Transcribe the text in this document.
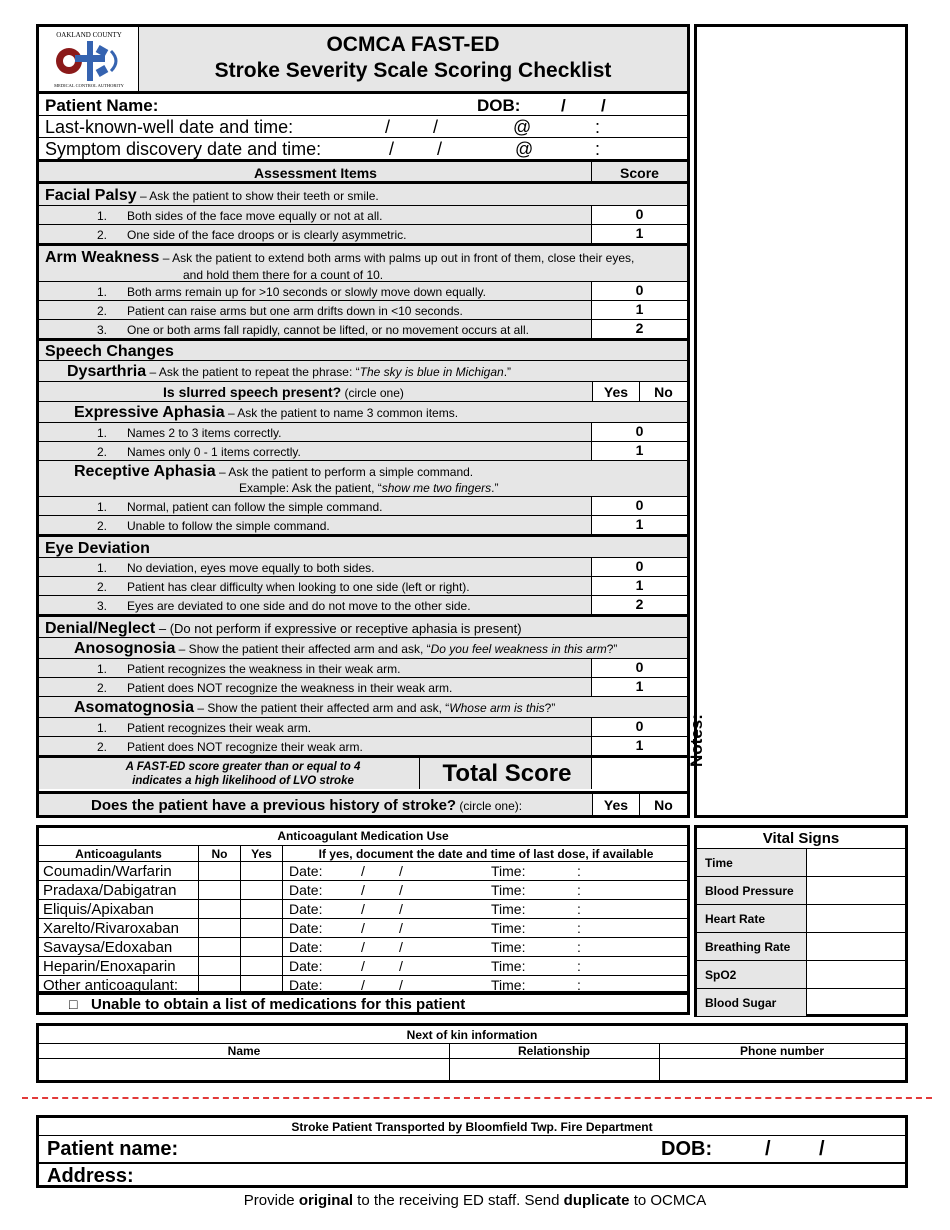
OAKLAND COUNTY
MEDICAL CONTROL AUTHORITY
OCMCA FAST-ED
Stroke Severity Scale Scoring Checklist
Patient Name:	DOB: / /
Last-known-well date and time:	/ /	@	:
Symptom discovery date and time:	/ /	@	:
Assessment Items	Score
Facial Palsy – Ask the patient to show their teeth or smile.
1. Both sides of the face move equally or not at all.	0
2. One side of the face droops or is clearly asymmetric.	1
Arm Weakness – Ask the patient to extend both arms with palms up out in front of them, close their eyes,
and hold them there for a count of 10.
1. Both arms remain up for >10 seconds or slowly move down equally.	0
2. Patient can raise arms but one arm drifts down in <10 seconds.	1
3. One or both arms fall rapidly, cannot be lifted, or no movement occurs at all.	2
Speech Changes
Dysarthria – Ask the patient to repeat the phrase: “The sky is blue in Michigan.”
Is slurred speech present? (circle one)	Yes	No
Expressive Aphasia – Ask the patient to name 3 common items.
1. Names 2 to 3 items correctly.	0
2. Names only 0 - 1 items correctly.	1
Receptive Aphasia – Ask the patient to perform a simple command.
Example: Ask the patient, “show me two fingers.”
1. Normal, patient can follow the simple command.	0
2. Unable to follow the simple command.	1
Eye Deviation
1. No deviation, eyes move equally to both sides.	0
2. Patient has clear difficulty when looking to one side (left or right).	1
3. Eyes are deviated to one side and do not move to the other side.	2
Denial/Neglect – (Do not perform if expressive or receptive aphasia is present)
Anosognosia – Show the patient their affected arm and ask, “Do you feel weakness in this arm?”
1. Patient recognizes the weakness in their weak arm.	0
2. Patient does NOT recognize the weakness in their weak arm.	1
Asomatognosia – Show the patient their affected arm and ask, “Whose arm is this?”
1. Patient recognizes their weak arm.	0
2. Patient does NOT recognize their weak arm.	1
A FAST-ED score greater than or equal to 4
indicates a high likelihood of LVO stroke	Total Score
Does the patient have a previous history of stroke? (circle one):	Yes	No
Notes:
Anticoagulant Medication Use
Anticoagulants	No	Yes	If yes, document the date and time of last dose, if available
Coumadin/Warfarin			Date: / / Time: :

Pradaxa/Dabigatran			Date: / / Time: :

Eliquis/Apixaban			Date: / / Time: :

Xarelto/Rivaroxaban			Date: / / Time: :

Savaysa/Edoxaban			Date: / / Time: :

Heparin/Enoxaparin			Date: / / Time: :

Other anticoagulant:			Date: / / Time: :
□ Unable to obtain a list of medications for this patient
Vital Signs
Time
Blood Pressure
Heart Rate
Breathing Rate
SpO2
Blood Sugar
Next of kin information
Name	Relationship	Phone number
Stroke Patient Transported by Bloomfield Twp. Fire Department
Patient name:	DOB:	/ /
Address:
Provide original to the receiving ED staff. Send duplicate to OCMCA
